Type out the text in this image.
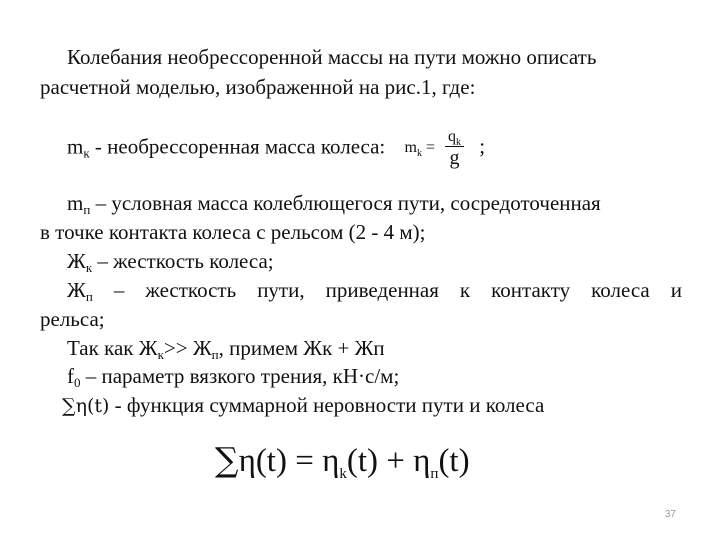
Колебания необрессоренной массы на пути можно описать
расчетной моделью, изображенной на рис.1, где:
$m_к$ - необрессоренная масса колеса: $m_k = \frac{q_k}{g}$ ;
$m_п$ – условная масса колеблющегося пути, сосредоточенная
в точке контакта колеса с рельсом (2 - 4 м);
$Ж_к$ – жесткость колеса;
$Ж_п$ – жесткость пути, приведенная к контакту колеса и
рельса;
Так как $Ж_к>> Ж_п$, примем Жк + Жп
$f_0$ – параметр вязкого трения, кН·с/м;
∑η(t) - функция суммарной неровности пути и колеса
$\sum\eta(t) = \eta_k(t) + \eta_п(t)$
37
